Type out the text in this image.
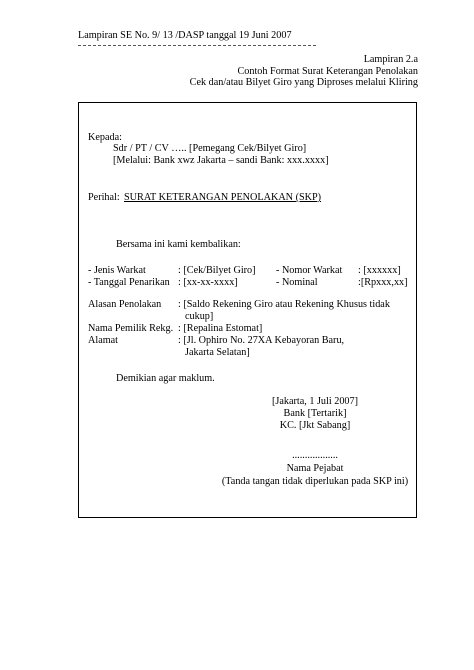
Lampiran SE No. 9/ 13 /DASP tanggal 19 Juni 2007
Lampiran 2.a
Contoh Format Surat Keterangan Penolakan
Cek dan/atau Bilyet Giro yang Diproses melalui Kliring
Kepada:
Sdr / PT / CV ….. [Pemegang Cek/Bilyet Giro]
[Melalui: Bank xwz Jakarta – sandi Bank: xxx.xxxx]
Perihal: SURAT KETERANGAN PENOLAKAN (SKP)
Bersama ini kami kembalikan:
- Jenis Warkat	: [Cek/Bilyet Giro] - Nomor Warkat : [xxxxxx]
- Tanggal Penarikan : [xx-xx-xxxx]	- Nominal	:[Rpxxx,xx]
Alasan Penolakan : [Saldo Rekening Giro atau Rekening Khusus tidak
cukup]
Nama Pemilik Rekg. : [Repalina Estomat]
Alamat	: [Jl. Ophiro No. 27XA Kebayoran Baru,
Jakarta Selatan]
Demikian agar maklum.
[Jakarta, 1 Juli 2007]
Bank [Tertarik]
KC. [Jkt Sabang]
..................
Nama Pejabat
(Tanda tangan tidak diperlukan pada SKP ini)
